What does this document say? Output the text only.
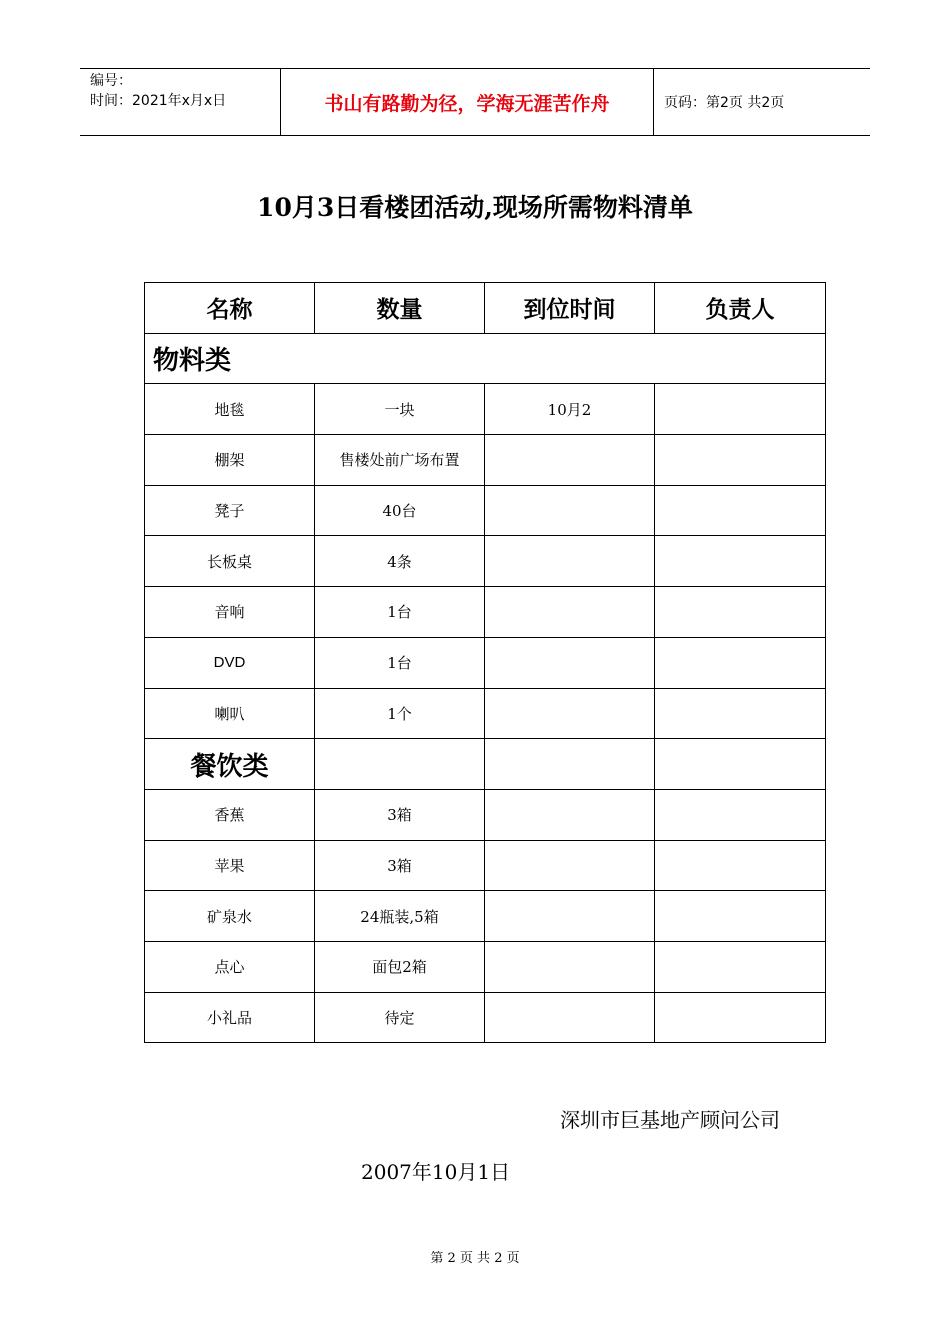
编号：
时间：2021年x月x日	书山有路勤为径，学海无涯苦作舟	页码：第2页 共2页
10月3日看楼团活动,现场所需物料清单
名称	数量	到位时间	负责人
物料类			
地毯	一块	10月2	
棚架	售楼处前广场布置		
凳子	40台		
长板桌	4条		
音响	1台		
DVD	1台		
喇叭	1个		
餐饮类			
香蕉	3箱		
苹果	3箱		
矿泉水	24瓶装,5箱		
点心	面包2箱		
小礼品	待定		
深圳市巨基地产顾问公司
2007年10月1日
第 2 页 共 2 页
